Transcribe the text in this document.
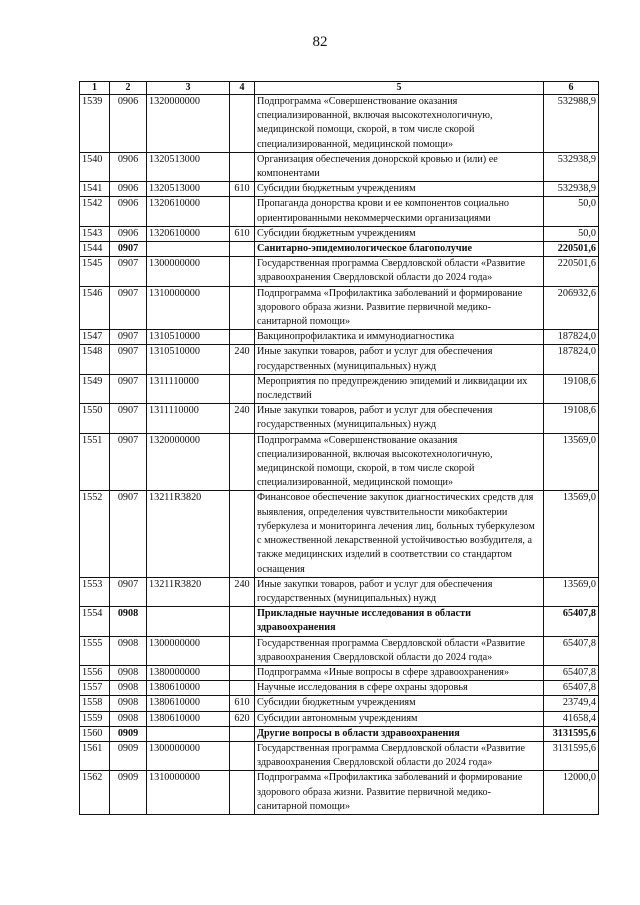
82
1	2	3	4	5	6
1539	0906	1320000000		Подпрограмма «Совершенствование оказания специализированной, включая высокотехнологичную, медицинской помощи, скорой, в том числе скорой специализированной, медицинской помощи»	532988,9
1540	0906	1320513000		Организация обеспечения донорской кровью и (или) ее компонентами	532938,9
1541	0906	1320513000	610	Субсидии бюджетным учреждениям	532938,9
1542	0906	1320610000		Пропаганда донорства крови и ее компонентов социально ориентированными некоммерческими организациями	50,0
1543	0906	1320610000	610	Субсидии бюджетным учреждениям	50,0
1544	0907			Санитарно-эпидемиологическое благополучие	220501,6
1545	0907	1300000000		Государственная программа Свердловской области «Развитие здравоохранения Свердловской области до 2024 года»	220501,6
1546	0907	1310000000		Подпрограмма «Профилактика заболеваний и формирование здорового образа жизни. Развитие первичной медико-санитарной помощи»	206932,6
1547	0907	1310510000		Вакцинопрофилактика и иммунодиагностика	187824,0
1548	0907	1310510000	240	Иные закупки товаров, работ и услуг для обеспечения государственных (муниципальных) нужд	187824,0
1549	0907	1311110000		Мероприятия по предупреждению эпидемий и ликвидации их последствий	19108,6
1550	0907	1311110000	240	Иные закупки товаров, работ и услуг для обеспечения государственных (муниципальных) нужд	19108,6
1551	0907	1320000000		Подпрограмма «Совершенствование оказания специализированной, включая высокотехнологичную, медицинской помощи, скорой, в том числе скорой специализированной, медицинской помощи»	13569,0
1552	0907	13211R3820		Финансовое обеспечение закупок диагностических средств для выявления, определения чувствительности микобактерии туберкулеза и мониторинга лечения лиц, больных туберкулезом с множественной лекарственной устойчивостью возбудителя, а также медицинских изделий в соответствии со стандартом оснащения	13569,0
1553	0907	13211R3820	240	Иные закупки товаров, работ и услуг для обеспечения государственных (муниципальных) нужд	13569,0
1554	0908			Прикладные научные исследования в области здравоохранения	65407,8
1555	0908	1300000000		Государственная программа Свердловской области «Развитие здравоохранения Свердловской области до 2024 года»	65407,8
1556	0908	1380000000		Подпрограмма «Иные вопросы в сфере здравоохранения»	65407,8
1557	0908	1380610000		Научные исследования в сфере охраны здоровья	65407,8
1558	0908	1380610000	610	Субсидии бюджетным учреждениям	23749,4
1559	0908	1380610000	620	Субсидии автономным учреждениям	41658,4
1560	0909			Другие вопросы в области здравоохранения	3131595,6
1561	0909	1300000000		Государственная программа Свердловской области «Развитие здравоохранения Свердловской области до 2024 года»	3131595,6
1562	0909	1310000000		Подпрограмма «Профилактика заболеваний и формирование здорового образа жизни. Развитие первичной медико-санитарной помощи»	12000,0
